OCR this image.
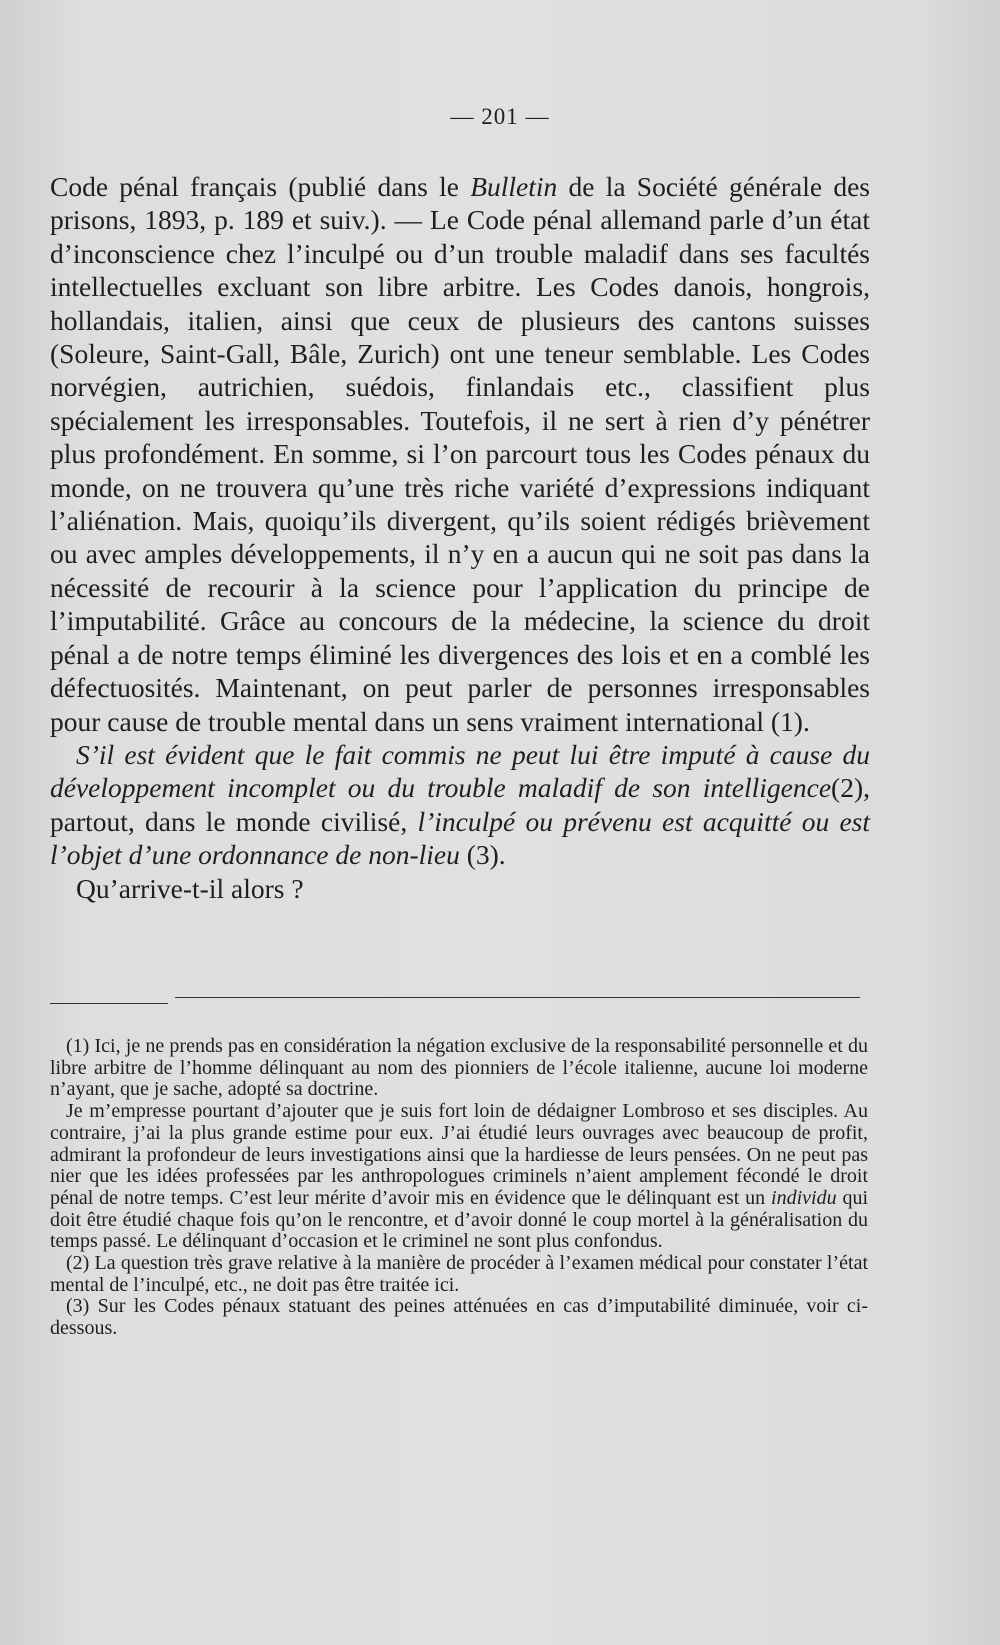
— 201 —

Code pénal français (publié dans le Bulletin de la Société générale des prisons, 1893, p. 189 et suiv.). — Le Code pénal allemand parle d’un état d’inconscience chez l’inculpé ou d’un trouble maladif dans ses facultés intellectuelles excluant son libre arbitre. Les Codes danois, hongrois, hollandais, italien, ainsi que ceux de plusieurs des cantons suisses (Soleure, Saint-Gall, Bâle, Zurich) ont une teneur semblable. Les Codes norvégien, autrichien, suédois, finlandais etc., classifient plus spécialement les irresponsables. Toutefois, il ne sert à rien d’y pénétrer plus profondément. En somme, si l’on parcourt tous les Codes pénaux du monde, on ne trouvera qu’une très riche variété d’expressions indiquant l’aliénation. Mais, quoiqu’ils divergent, qu’ils soient rédigés brièvement ou avec amples développements, il n’y en a aucun qui ne soit pas dans la nécessité de recourir à la science pour l’application du principe de l’imputabilité. Grâce au concours de la médecine, la science du droit pénal a de notre temps éliminé les divergences des lois et en a comblé les défectuosités. Maintenant, on peut parler de personnes irresponsables pour cause de trouble mental dans un sens vraiment international (1).

S’il est évident que le fait commis ne peut lui être imputé à cause du développement incomplet ou du trouble maladif de son intelligence(2), partout, dans le monde civilisé, l’inculpé ou prévenu est acquitté ou est l’objet d’une ordonnance de non-lieu (3).

Qu’arrive-t-il alors ?

(1) Ici, je ne prends pas en considération la négation exclusive de la responsabilité personnelle et du libre arbitre de l’homme délinquant au nom des pionniers de l’école italienne, aucune loi moderne n’ayant, que je sache, adopté sa doctrine.

Je m’empresse pourtant d’ajouter que je suis fort loin de dédaigner Lombroso et ses disciples. Au contraire, j’ai la plus grande estime pour eux. J’ai étudié leurs ouvrages avec beaucoup de profit, admirant la profondeur de leurs investigations ainsi que la hardiesse de leurs pensées. On ne peut pas nier que les idées professées par les anthropologues criminels n’aient amplement fécondé le droit pénal de notre temps. C’est leur mérite d’avoir mis en évidence que le délinquant est un individu qui doit être étudié chaque fois qu’on le rencontre, et d’avoir donné le coup mortel à la généralisation du temps passé. Le délinquant d’occasion et le criminel ne sont plus confondus.

(2) La question très grave relative à la manière de procéder à l’examen médical pour constater l’état mental de l’inculpé, etc., ne doit pas être traitée ici.

(3) Sur les Codes pénaux statuant des peines atténuées en cas d’imputabilité diminuée, voir ci-dessous.
